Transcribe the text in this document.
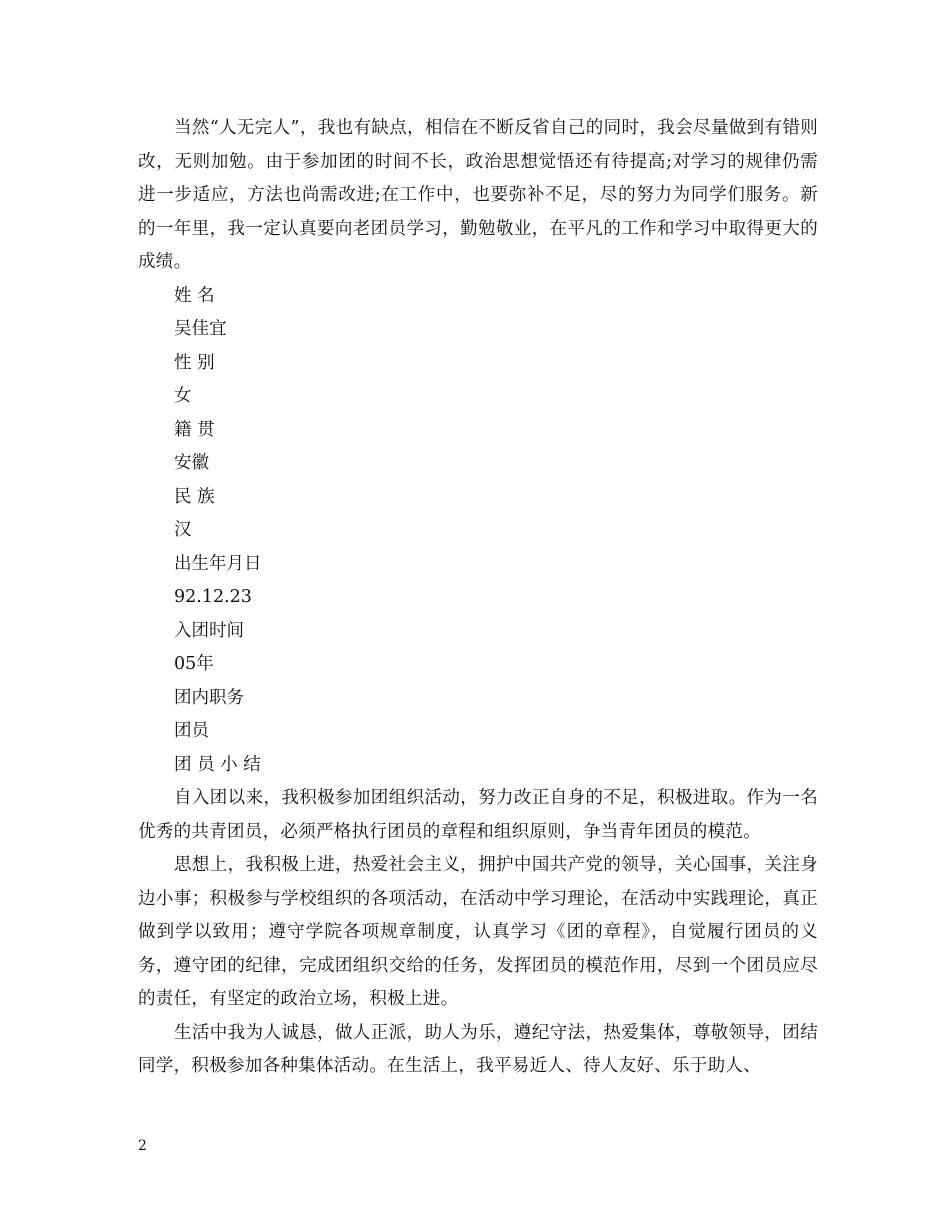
当然“人无完人”，我也有缺点，相信在不断反省自己的同时，我会尽量做到有错则改，无则加勉。由于参加团的时间不长，政治思想觉悟还有待提高;对学习的规律仍需进一步适应，方法也尚需改进;在工作中，也要弥补不足，尽的努力为同学们服务。新的一年里，我一定认真要向老团员学习，勤勉敬业，在平凡的工作和学习中取得更大的成绩。

姓 名

吴佳宜

性 别

女

籍 贯

安徽

民 族

汉

出生年月日

92.12.23

入团时间

05年

团内职务

团员

团 员 小 结

自入团以来，我积极参加团组织活动，努力改正自身的不足，积极进取。作为一名优秀的共青团员，必须严格执行团员的章程和组织原则，争当青年团员的模范。

思想上，我积极上进，热爱社会主义，拥护中国共产党的领导，关心国事，关注身边小事；积极参与学校组织的各项活动，在活动中学习理论，在活动中实践理论，真正做到学以致用；遵守学院各项规章制度，认真学习《团的章程》，自觉履行团员的义务，遵守团的纪律，完成团组织交给的任务，发挥团员的模范作用，尽到一个团员应尽的责任，有坚定的政治立场，积极上进。

生活中我为人诚恳，做人正派，助人为乐，遵纪守法，热爱集体，尊敬领导，团结同学，积极参加各种集体活动。在生活上，我平易近人、待人友好、乐于助人、

2
